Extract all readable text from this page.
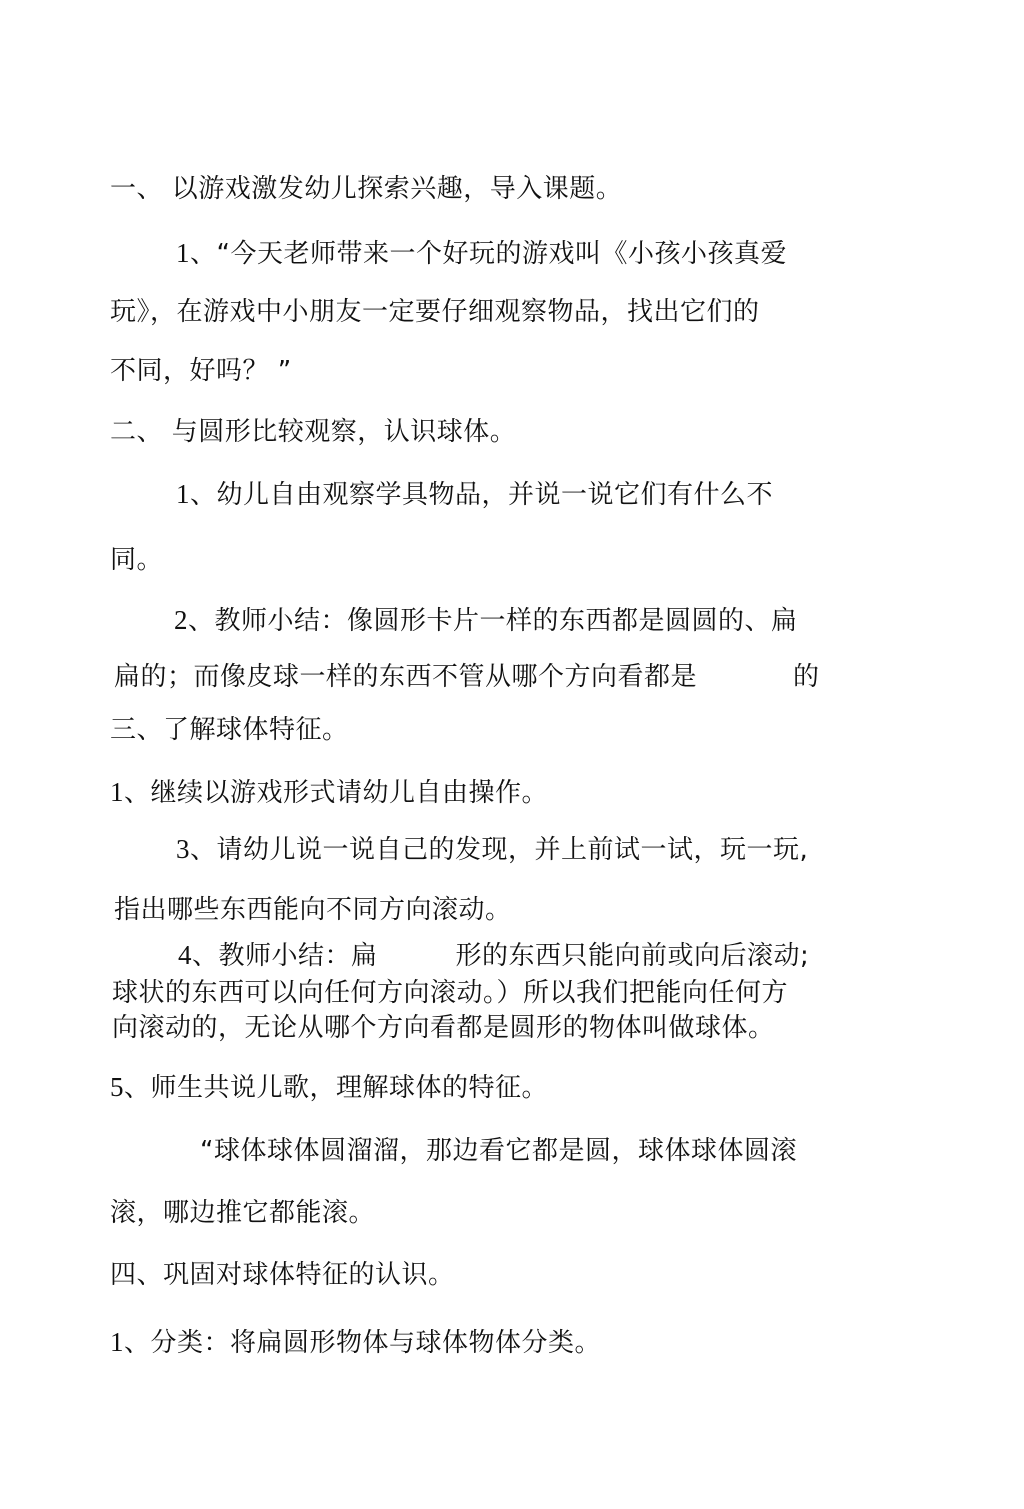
一、 以游戏激发幼儿探索兴趣，导入课题。
1、“今天老师带来一个好玩的游戏叫《小孩小孩真爱
玩》，在游戏中小朋友一定要仔细观察物品，找出它们的
不同，好吗？ ”
二、 与圆形比较观察，认识球体。
1、幼儿自由观察学具物品，并说一说它们有什么不
同。
2、教师小结：像圆形卡片一样的东西都是圆圆的、扁
扁的；而像皮球一样的东西不管从哪个方向看都是	的
三、了解球体特征。
1、继续以游戏形式请幼儿自由操作。
3、请幼儿说一说自己的发现，并上前试一试，玩一玩,
指出哪些东西能向不同方向滚动。
4、教师小结：扁	形的东西只能向前或向后滚动;
球状的东西可以向任何方向滚动。）所以我们把能向任何方
向滚动的，无论从哪个方向看都是圆形的物体叫做球体。
5、师生共说儿歌，理解球体的特征。
“球体球体圆溜溜，那边看它都是圆，球体球体圆滚
滚，哪边推它都能滚。
四、巩固对球体特征的认识。
1、分类：将扁圆形物体与球体物体分类。
